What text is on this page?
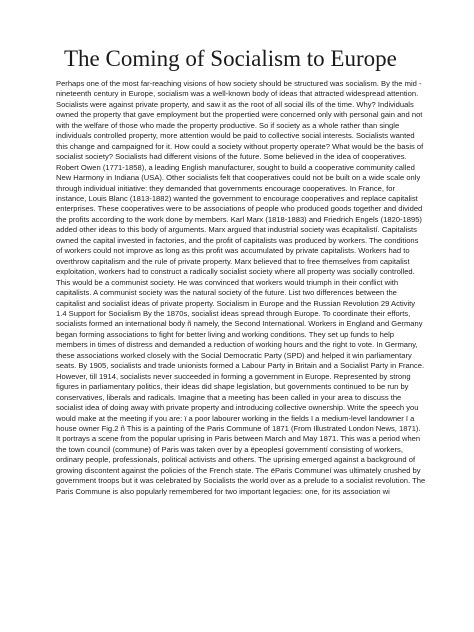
The Coming of Socialism to Europe

Perhaps one of the most far-reaching visions of how society should be structured was socialism. By the mid - nineteenth century in Europe, socialism was a well-known body of ideas that attracted widespread attention. Socialists were against private property, and saw it as the root of all social ills of the time. Why? Individuals owned the property that gave employment but the propertied were concerned only with personal gain and not with the welfare of those who made the property productive. So if society as a whole rather than single individuals controlled property, more attention would be paid to collective social interests. Socialists wanted this change and campaigned for it. How could a society without property operate? What would be the basis of socialist society? Socialists had different visions of the future. Some believed in the idea of cooperatives. Robert Owen (1771-1858), a leading English manufacturer, sought to build a cooperative community called New Harmony in Indiana (USA). Other socialists felt that cooperatives could not be built on a wide scale only through individual initiative: they demanded that governments encourage cooperatives. In France, for instance, Louis Blanc (1813-1882) wanted the government to encourage cooperatives and replace capitalist enterprises. These cooperatives were to be associations of people who produced goods together and divided the profits according to the work done by members. Karl Marx (1818-1883) and Friedrich Engels (1820-1895) added other ideas to this body of arguments. Marx argued that industrial society was ëcapitalistí. Capitalists owned the capital invested in factories, and the profit of capitalists was produced by workers. The conditions of workers could not improve as long as this profit was accumulated by private capitalists. Workers had to overthrow capitalism and the rule of private property. Marx believed that to free themselves from capitalist exploitation, workers had to construct a radically socialist society where all property was socially controlled. This would be a communist society. He was convinced that workers would triumph in their conflict with capitalists. A communist society was the natural society of the future. List two differences between the capitalist and socialist ideas of private property. Socialism in Europe and the Russian Revolution 29 Activity 1.4 Support for Socialism By the 1870s, socialist ideas spread through Europe. To coordinate their efforts, socialists formed an international body ñ namely, the Second International. Workers in England and Germany began forming associations to fight for better living and working conditions. They set up funds to help members in times of distress and demanded a reduction of working hours and the right to vote. In Germany, these associations worked closely with the Social Democratic Party (SPD) and helped it win parliamentary seats. By 1905, socialists and trade unionists formed a Labour Party in Britain and a Socialist Party in France. However, till 1914, socialists never succeeded in forming a government in Europe. Represented by strong figures in parliamentary politics, their ideas did shape legislation, but governments continued to be run by conservatives, liberals and radicals. Imagine that a meeting has been called in your area to discuss the socialist idea of doing away with private property and introducing collective ownership. Write the speech you would make at the meeting if you are: ï a poor labourer working in the fields ï a medium-level landowner ï a house owner Fig.2 ñ This is a painting of the Paris Commune of 1871 (From Illustrated London News, 1871). It portrays a scene from the popular uprising in Paris between March and May 1871. This was a period when the town council (commune) of Paris was taken over by a ëpeoplesí governmentí consisting of workers, ordinary people, professionals, political activists and others. The uprising emerged against a background of growing discontent against the policies of the French state. The ëParis Communeí was ultimately crushed by government troops but it was celebrated by Socialists the world over as a prelude to a socialist revolution. The Paris Commune is also popularly remembered for two important legacies: one, for its association wi
